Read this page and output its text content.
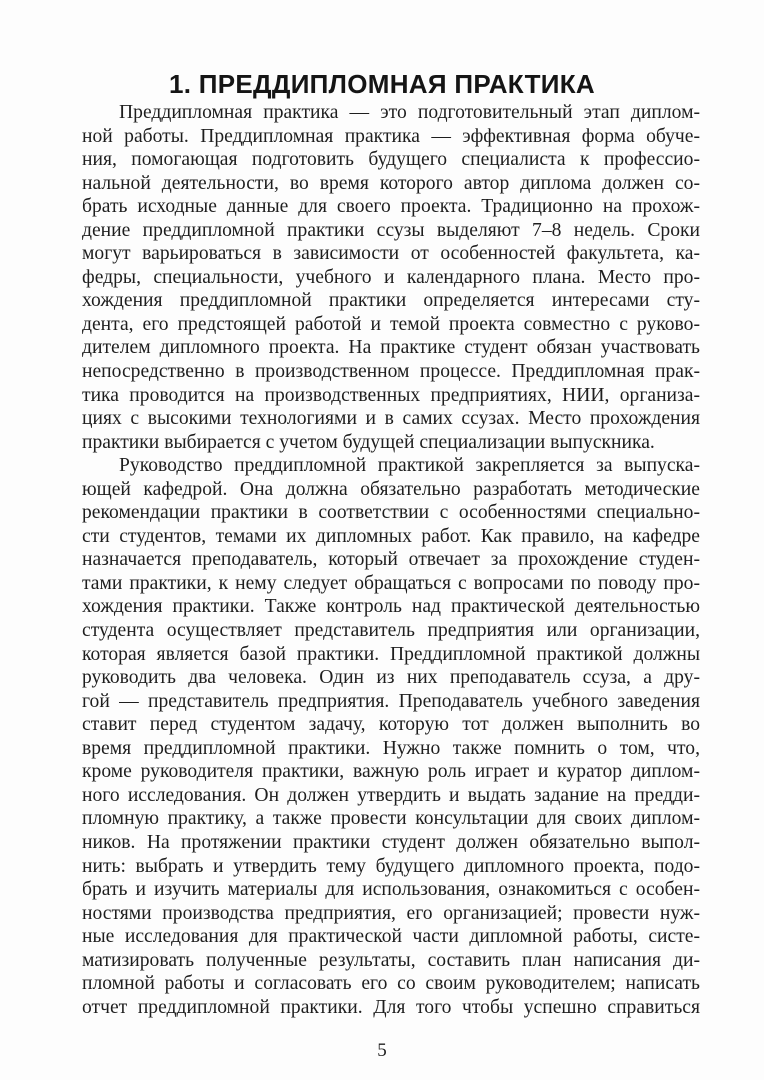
1. ПРЕДДИПЛОМНАЯ ПРАКТИКА
Преддипломная практика — это подготовительный этап диплом-
ной работы. Преддипломная практика — эффективная форма обуче-
ния, помогающая подготовить будущего специалиста к профессио-
нальной деятельности, во время которого автор диплома должен со-
брать исходные данные для своего проекта. Традиционно на прохож-
дение преддипломной практики ссузы выделяют 7–8 недель. Сроки
могут варьироваться в зависимости от особенностей факультета, ка-
федры, специальности, учебного и календарного плана. Место про-
хождения преддипломной практики определяется интересами сту-
дента, его предстоящей работой и темой проекта совместно с руково-
дителем дипломного проекта. На практике студент обязан участвовать
непосредственно в производственном процессе. Преддипломная прак-
тика проводится на производственных предприятиях, НИИ, организа-
циях с высокими технологиями и в самих ссузах. Место прохождения
практики выбирается с учетом будущей специализации выпускника.
Руководство преддипломной практикой закрепляется за выпуска-
ющей кафедрой. Она должна обязательно разработать методические
рекомендации практики в соответствии с особенностями специально-
сти студентов, темами их дипломных работ. Как правило, на кафедре
назначается преподаватель, который отвечает за прохождение студен-
тами практики, к нему следует обращаться с вопросами по поводу про-
хождения практики. Также контроль над практической деятельностью
студента осуществляет представитель предприятия или организации,
которая является базой практики. Преддипломной практикой должны
руководить два человека. Один из них преподаватель ссуза, а дру-
гой — представитель предприятия. Преподаватель учебного заведения
ставит перед студентом задачу, которую тот должен выполнить во
время преддипломной практики. Нужно также помнить о том, что,
кроме руководителя практики, важную роль играет и куратор диплом-
ного исследования. Он должен утвердить и выдать задание на предди-
пломную практику, а также провести консультации для своих диплом-
ников. На протяжении практики студент должен обязательно выпол-
нить: выбрать и утвердить тему будущего дипломного проекта, подо-
брать и изучить материалы для использования, ознакомиться с особен-
ностями производства предприятия, его организацией; провести нуж-
ные исследования для практической части дипломной работы, систе-
матизировать полученные результаты, составить план написания ди-
пломной работы и согласовать его со своим руководителем; написать
отчет преддипломной практики. Для того чтобы успешно справиться
5
